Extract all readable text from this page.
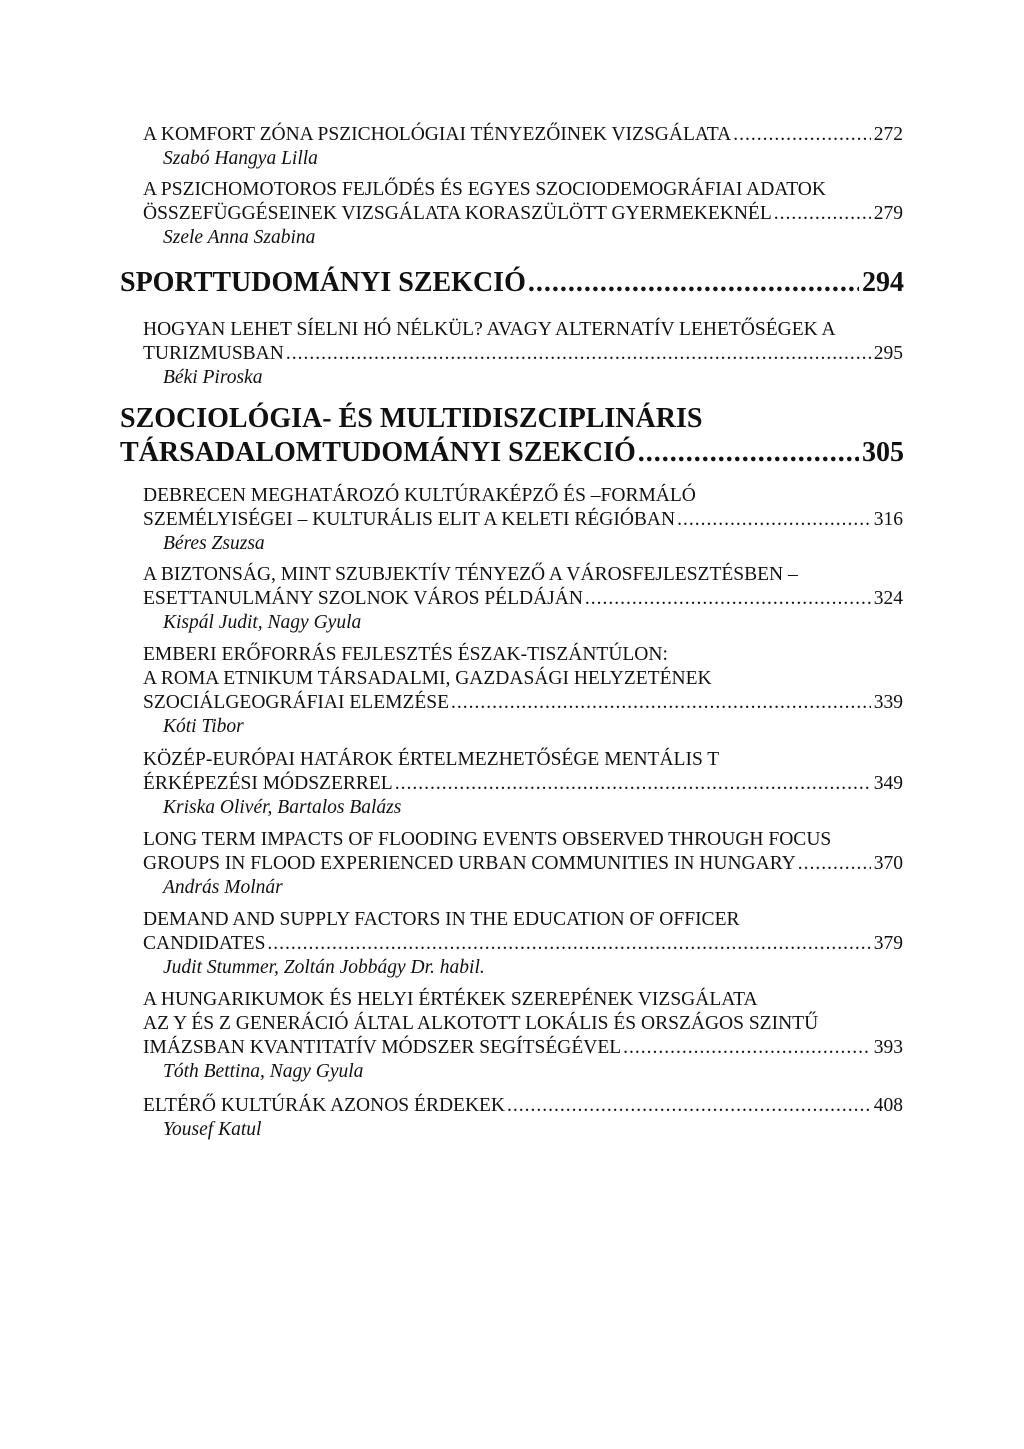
A KOMFORT ZÓNA PSZICHOLÓGIAI TÉNYEZŐINEK VIZSGÁLATA .....	272
Szabó Hangya Lilla
A PSZICHOMOTOROS FEJLŐDÉS ÉS EGYES SZOCIODEMOGRÁFIAI ADATOK
ÖSSZEFÜGGÉSEINEK VIZSGÁLATA KORASZÜLÖTT GYERMEKEKNÉL .....	279
Szele Anna Szabina
SPORTTUDOMÁNYI SZEKCIÓ .....	294
HOGYAN LEHET SÍELNI HÓ NÉLKÜL? AVAGY ALTERNATÍV LEHETŐSÉGEK A
TURIZMUSBAN .....	295
Béki Piroska
SZOCIOLÓGIA- ÉS MULTIDISZCIPLINÁRIS
TÁRSADALOMTUDOMÁNYI SZEKCIÓ .....	305
DEBRECEN MEGHATÁROZÓ KULTÚRAKÉPZŐ ÉS –FORMÁLÓ
SZEMÉLYISÉGEI – KULTURÁLIS ELIT A KELETI RÉGIÓBAN .....	316
Béres Zsuzsa
A BIZTONSÁG, MINT SZUBJEKTÍV TÉNYEZŐ A VÁROSFEJLESZTÉSBEN –
ESETTANULMÁNY SZOLNOK VÁROS PÉLDÁJÁN .....	324
Kispál Judit, Nagy Gyula
EMBERI ERŐFORRÁS FEJLESZTÉS ÉSZAK-TISZÁNTÚLON:
A ROMA ETNIKUM TÁRSADALMI, GAZDASÁGI HELYZETÉNEK
SZOCIÁLGEOGRÁFIAI ELEMZÉSE .....	339
Kóti Tibor
KÖZÉP-EURÓPAI HATÁROK ÉRTELMEZHETŐSÉGE MENTÁLIS T
ÉRKÉPEZÉSI MÓDSZERREL .....	349
Kriska Olivér, Bartalos Balázs
LONG TERM IMPACTS OF FLOODING EVENTS OBSERVED THROUGH FOCUS
GROUPS IN FLOOD EXPERIENCED URBAN COMMUNITIES IN HUNGARY .....	370
András Molnár
DEMAND AND SUPPLY FACTORS IN THE EDUCATION OF OFFICER
CANDIDATES .....	379
Judit Stummer, Zoltán Jobbágy Dr. habil.
A HUNGARIKUMOK ÉS HELYI ÉRTÉKEK SZEREPÉNEK VIZSGÁLATA
AZ Y ÉS Z GENERÁCIÓ ÁLTAL ALKOTOTT LOKÁLIS ÉS ORSZÁGOS SZINTŰ
IMÁZSBAN KVANTITATÍV MÓDSZER SEGÍTSÉGÉVEL .....	393
Tóth Bettina, Nagy Gyula
ELTÉRŐ KULTÚRÁK AZONOS ÉRDEKEK .....	408
Yousef Katul
